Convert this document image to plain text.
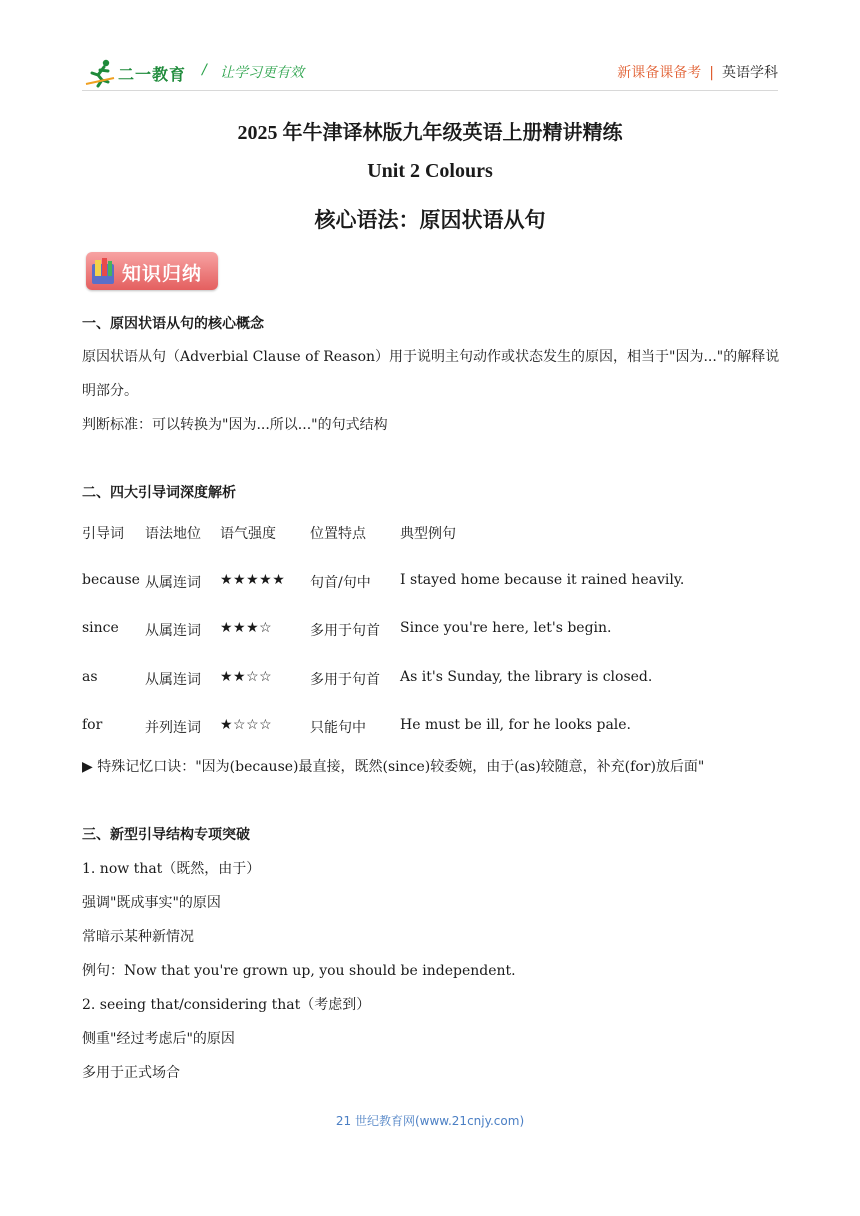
二一教育 / 让学习更有效	新课备课备考 | 英语学科
2025 年牛津译林版九年级英语上册精讲精练
Unit 2 Colours
核心语法：原因状语从句
知识归纳
一、原因状语从句的核心概念
原因状语从句（Adverbial Clause of Reason）用于说明主句动作或状态发生的原因，相当于"因为..."的解释说明部分。
判断标准：可以转换为"因为...所以..."的句式结构
二、四大引导词深度解析
引导词 语法地位 语气强度 位置特点 典型例句
because 从属连词 ★★★★★ 句首/句中 I stayed home because it rained heavily.
since 从属连词 ★★★☆	多用于句首 Since you're here, let's begin.
as	从属连词 ★★☆☆	多用于句首 As it's Sunday, the library is closed.
for	并列连词 ★☆☆☆	只能句中 He must be ill, for he looks pale.
▶ 特殊记忆口诀："因为(because)最直接，既然(since)较委婉，由于(as)较随意，补充(for)放后面"
三、新型引导结构专项突破
1. now that（既然，由于）
强调"既成事实"的原因
常暗示某种新情况
例句：Now that you're grown up, you should be independent.
2. seeing that/considering that（考虑到）
侧重"经过考虑后"的原因
多用于正式场合
21 世纪教育网(www.21cnjy.com)
